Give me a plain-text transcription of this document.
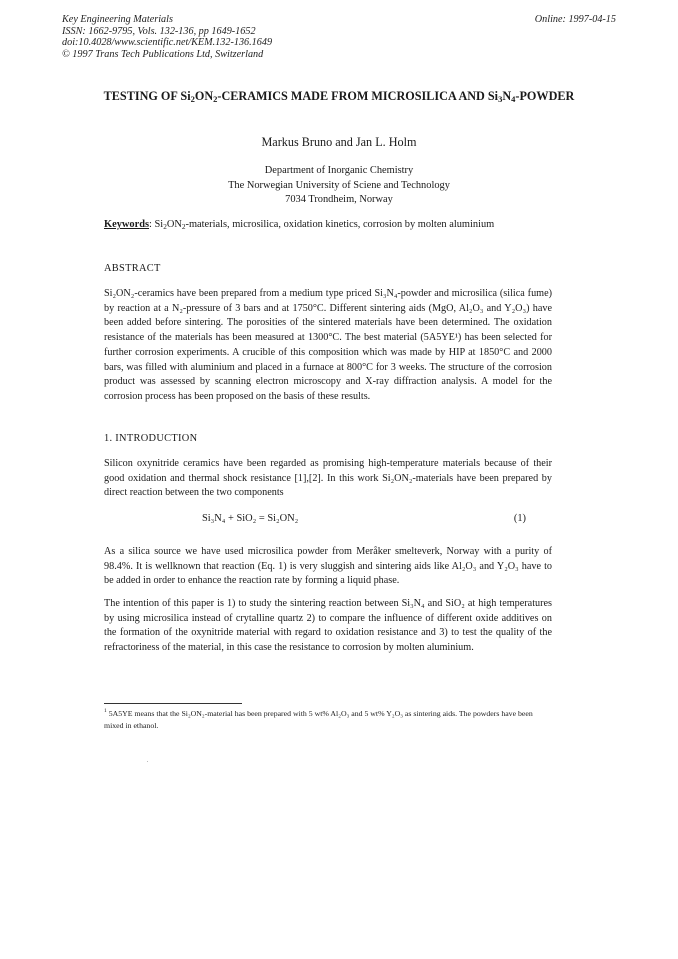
Key Engineering Materials
ISSN: 1662-9795, Vols. 132-136, pp 1649-1652
doi:10.4028/www.scientific.net/KEM.132-136.1649
© 1997 Trans Tech Publications Ltd, Switzerland
Online: 1997-04-15
TESTING OF $Si_2ON_2$-CERAMICS MADE FROM MICROSILICA AND $Si_3N_4$-POWDER
Markus Bruno and Jan L. Holm
Department of Inorganic Chemistry
The Norwegian University of Sciene and Technology
7034 Trondheim, Norway
Keywords: $Si_2ON_2$-materials, microsilica, oxidation kinetics, corrosion by molten aluminium
ABSTRACT
Si₂ON₂-ceramics have been prepared from a medium type priced Si₃N₄-powder and microsilica (silica fume) by reaction at a N₂-pressure of 3 bars and at 1750°C. Different sintering aids (MgO, Al₂O₃ and Y₂O₃) have been added before sintering. The porosities of the sintered materials have been determined. The oxidation resistance of the materials has been measured at 1300°C. The best material (5A5YE¹) has been selected for further corrosion experiments. A crucible of this composition which was made by HIP at 1850°C and 2000 bars, was filled with aluminium and placed in a furnace at 800°C for 3 weeks. The structure of the corrosion product was assessed by scanning electron microscopy and X-ray diffraction analysis. A model for the corrosion process has been proposed on the basis of these results.
1. INTRODUCTION
Silicon oxynitride ceramics have been regarded as promising high-temperature materials because of their good oxidation and thermal shock resistance [1],[2]. In this work Si₂ON₂-materials have been prepared by direct reaction between the two components
Si₃N₄ + SiO₂ = Si₂ON₂	(1)
As a silica source we have used microsilica powder from Meråker smelteverk, Norway with a purity of 98.4%. It is wellknown that reaction (Eq. 1) is very sluggish and sintering aids like Al₂O₃ and Y₂O₃ have to be added in order to enhance the reaction rate by forming a liquid phase.
The intention of this paper is 1) to study the sintering reaction between Si₃N₄ and SiO₂ at high temperatures by using microsilica instead of crytalline quartz 2) to compare the influence of different oxide additives on the formation of the oxynitride material with regard to oxidation resistance and 3) to test the quality of the refractoriness of the material, in this case the resistance to corrosion by molten aluminium.
$^1$ 5A5YE means that the Si₂ON₂-material has been prepared with 5 wt% Al₂O₃ and 5 wt% Y₂O₃ as sintering aids. The powders have been mixed in ethanol.
